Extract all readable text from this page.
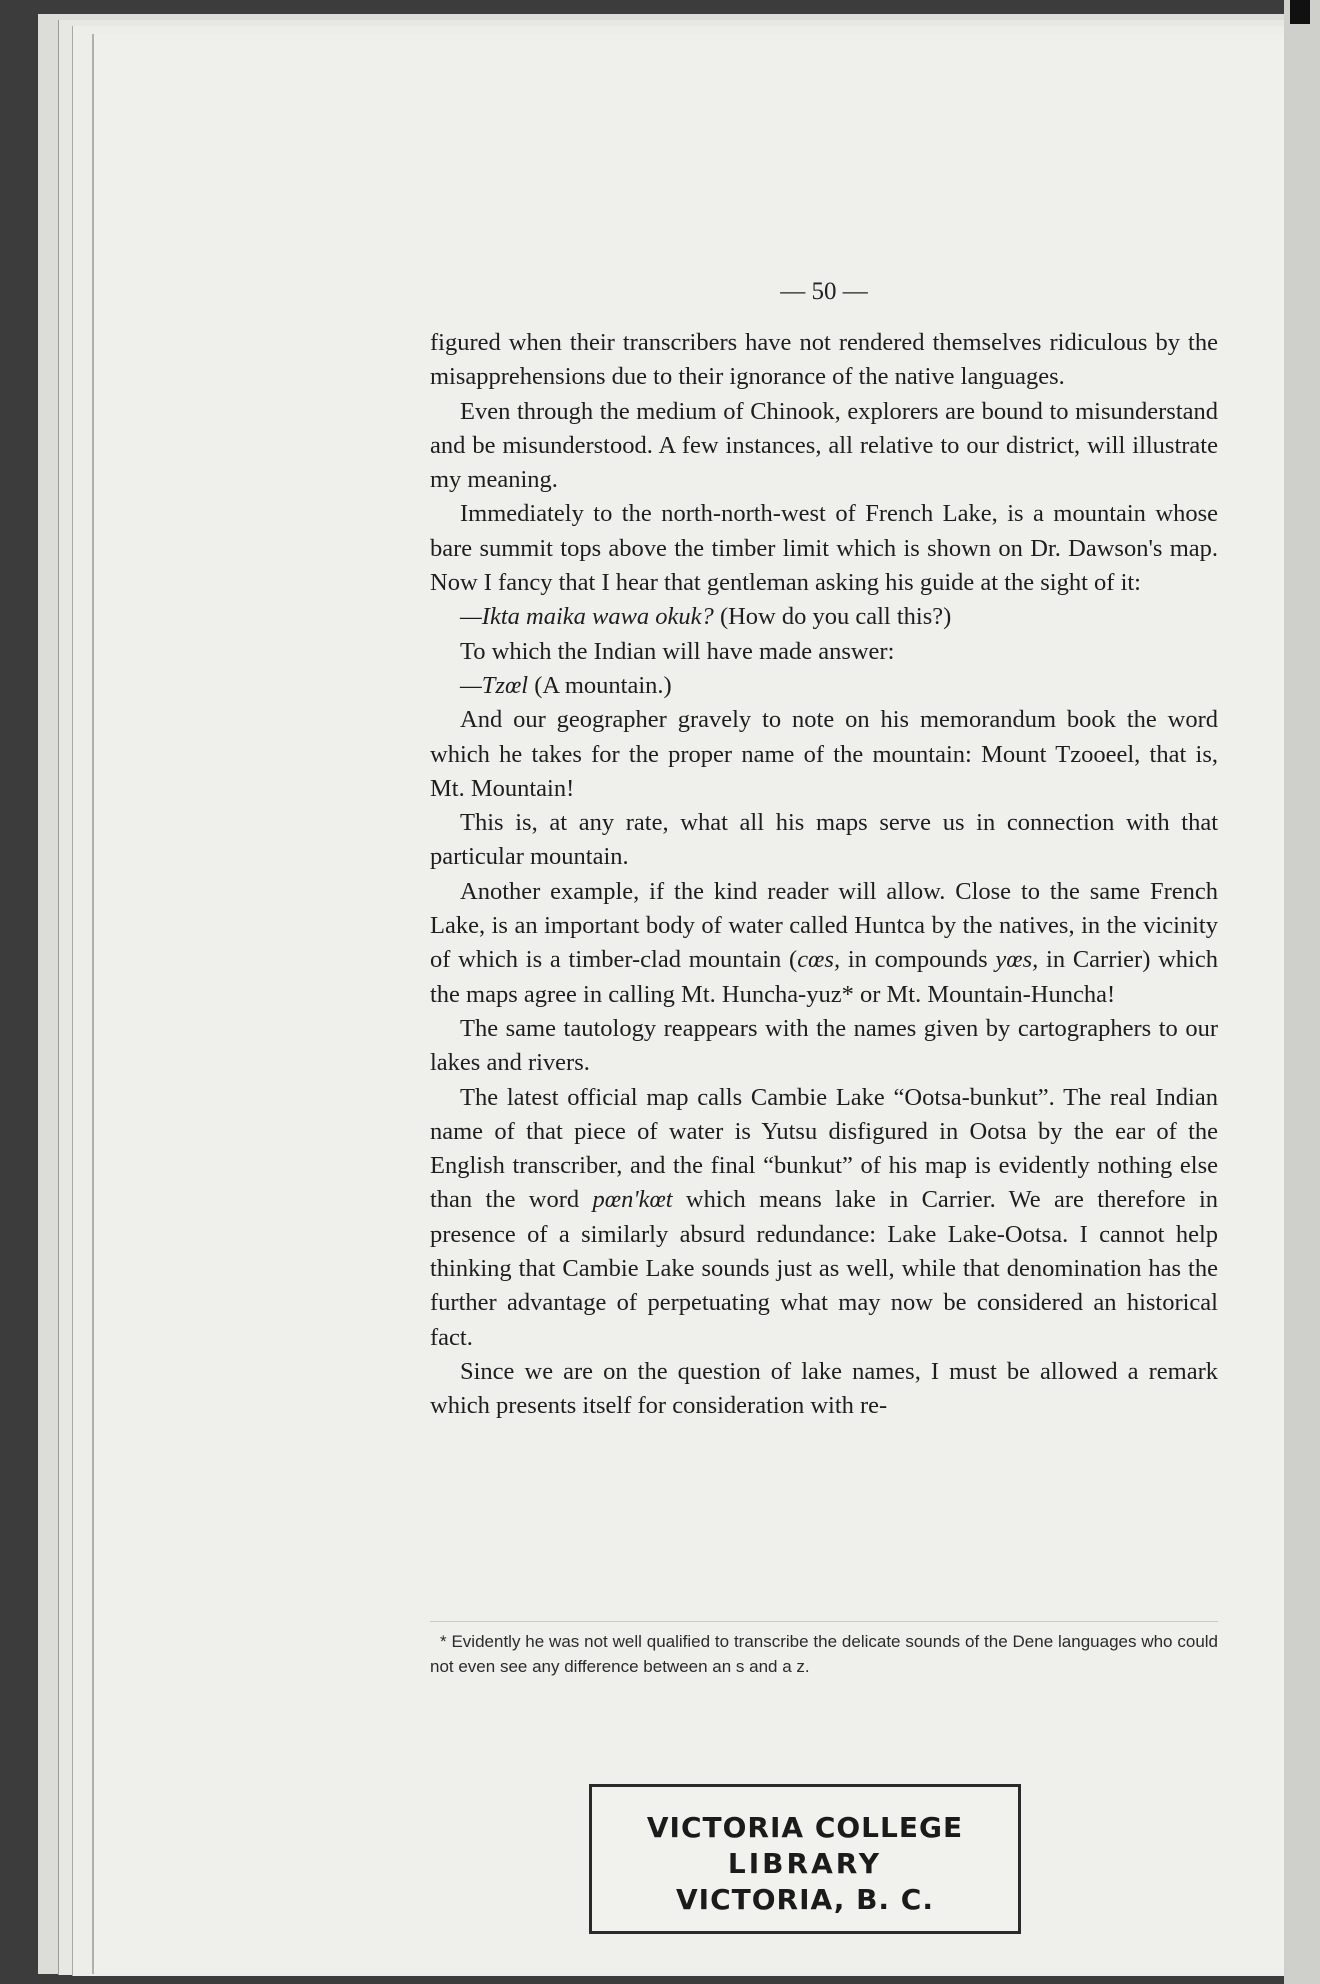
— 50 —

figured when their transcribers have not rendered themselves ridiculous by the misapprehensions due to their ignorance of the native languages.

Even through the medium of Chinook, explorers are bound to misunderstand and be misunderstood. A few instances, all relative to our district, will illustrate my meaning.

Immediately to the north-north-west of French Lake, is a mountain whose bare summit tops above the timber limit which is shown on Dr. Dawson's map. Now I fancy that I hear that gentleman asking his guide at the sight of it:

—Ikta maika wawa okuk? (How do you call this?)

To which the Indian will have made answer:

—Tzœl (A mountain.)

And our geographer gravely to note on his memorandum book the word which he takes for the proper name of the mountain: Mount Tzooeel, that is, Mt. Mountain!

This is, at any rate, what all his maps serve us in connection with that particular mountain.

Another example, if the kind reader will allow. Close to the same French Lake, is an important body of water called Huntca by the natives, in the vicinity of which is a timber-clad mountain (cœs, in compounds yœs, in Carrier) which the maps agree in calling Mt. Huncha-yuz* or Mt. Mountain-Huncha!

The same tautology reappears with the names given by cartographers to our lakes and rivers.

The latest official map calls Cambie Lake “Ootsa-bunkut”. The real Indian name of that piece of water is Yutsu disfigured in Ootsa by the ear of the English transcriber, and the final “bunkut” of his map is evidently nothing else than the word pœn'kœt which means lake in Carrier. We are therefore in presence of a similarly absurd redundance: Lake Lake-Ootsa. I cannot help thinking that Cambie Lake sounds just as well, while that denomination has the further advantage of perpetuating what may now be considered an historical fact.

Since we are on the question of lake names, I must be allowed a remark which presents itself for consideration with re-

* Evidently he was not well qualified to transcribe the delicate sounds of the Dene languages who could not even see any difference between an s and a z.
VICTORIA COLLEGE
LIBRARY
VICTORIA, B. C.
